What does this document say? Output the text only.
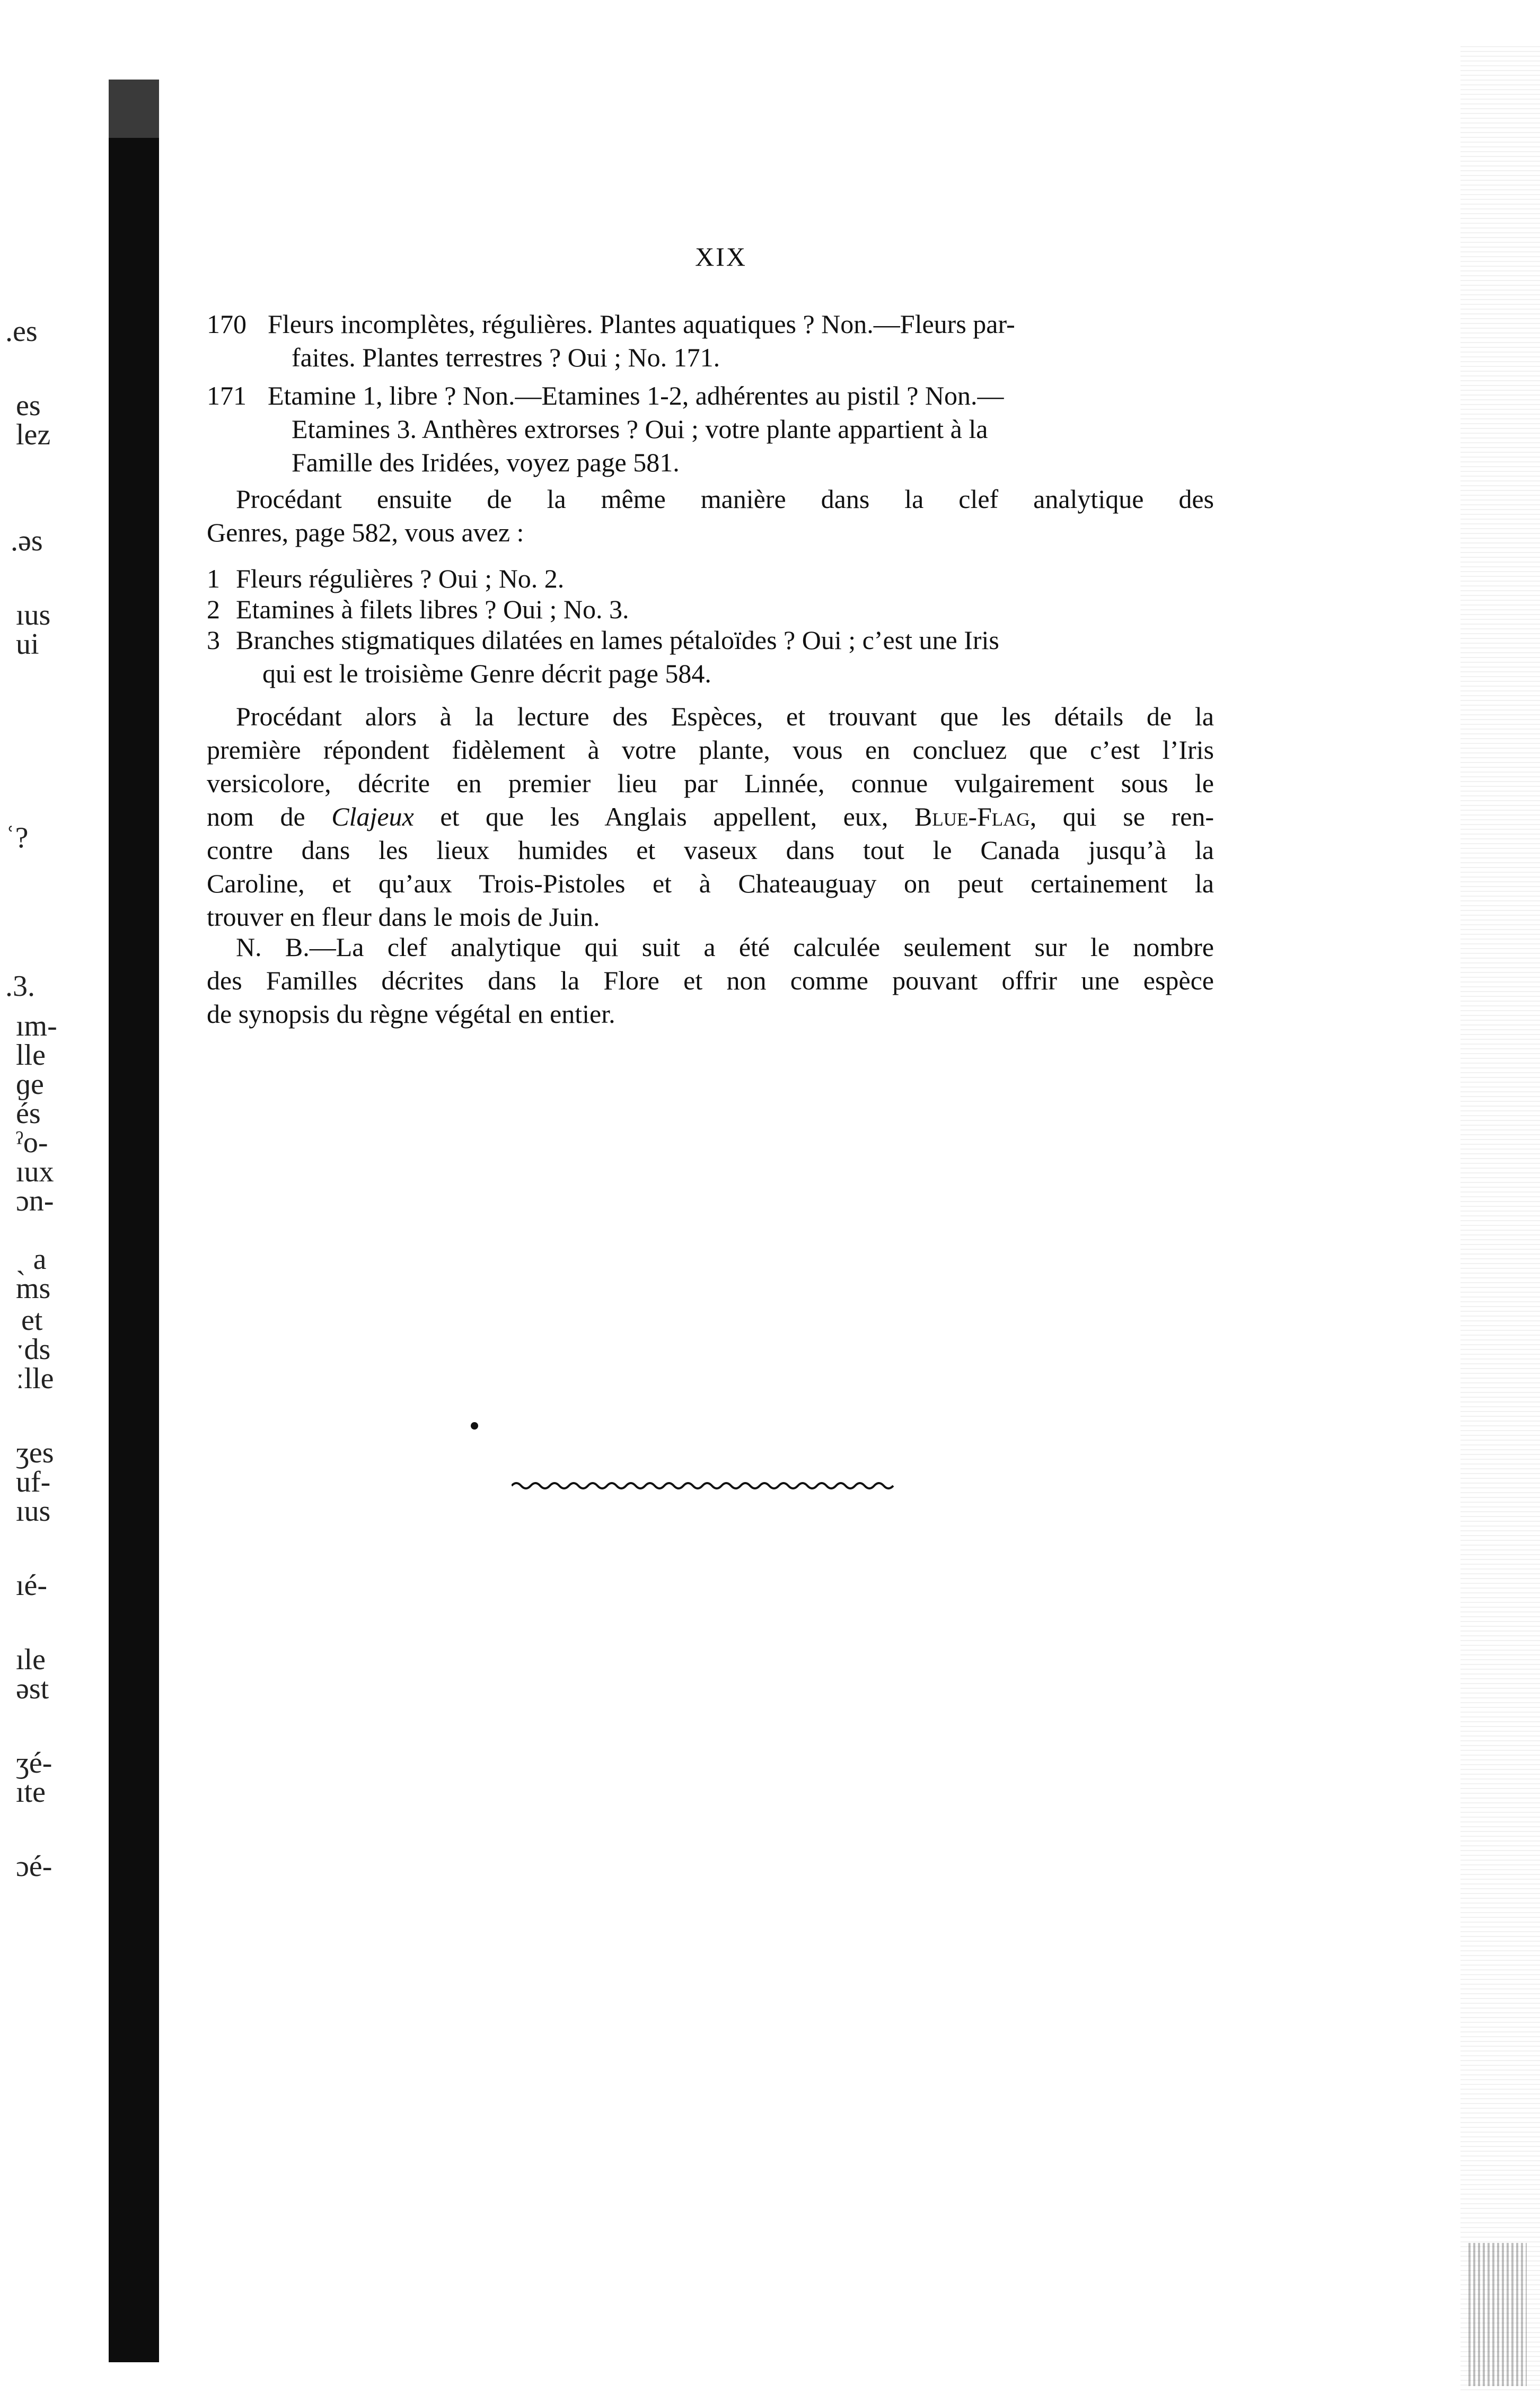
.es
es
lez
.əs
ıus
ui
ʿ?
.3.
ım-
lle
ɡe
és
ˀo-
ıux
ɔn-
ˎ a
ms
et
ˑds
ːlle
ʒes
uf-
ıus
ıé-
ıle
əst
ʒé-
ıte
ɔé-
XIX
170 Fleurs incomplètes, régulières. Plantes aquatiques ? Non.—Fleurs par-
faites. Plantes terrestres ? Oui ; No. 171.
171 Etamine 1, libre ? Non.—Etamines 1-2, adhérentes au pistil ? Non.—
Etamines 3. Anthères extrorses ? Oui ; votre plante appartient à la
Famille des Iridées, voyez page 581.
Procédant ensuite de la même manière dans la clef analytique des
Genres, page 582, vous avez :
1 Fleurs régulières ? Oui ; No. 2.
2 Etamines à filets libres ? Oui ; No. 3.
3 Branches stigmatiques dilatées en lames pétaloïdes ? Oui ; c’est une Iris
qui est le troisième Genre décrit page 584.
Procédant alors à la lecture des Espèces, et trouvant que les détails de la
première répondent fidèlement à votre plante, vous en concluez que c’est l’Iris
versicolore, décrite en premier lieu par Linnée, connue vulgairement sous le
nom de Clajeux et que les Anglais appellent, eux, Blue-Flag, qui se ren-
contre dans les lieux humides et vaseux dans tout le Canada jusqu’à la
Caroline, et qu’aux Trois-Pistoles et à Chateauguay on peut certainement la
trouver en fleur dans le mois de Juin.
N. B.—La clef analytique qui suit a été calculée seulement sur le nombre
des Familles décrites dans la Flore et non comme pouvant offrir une espèce
de synopsis du règne végétal en entier.
